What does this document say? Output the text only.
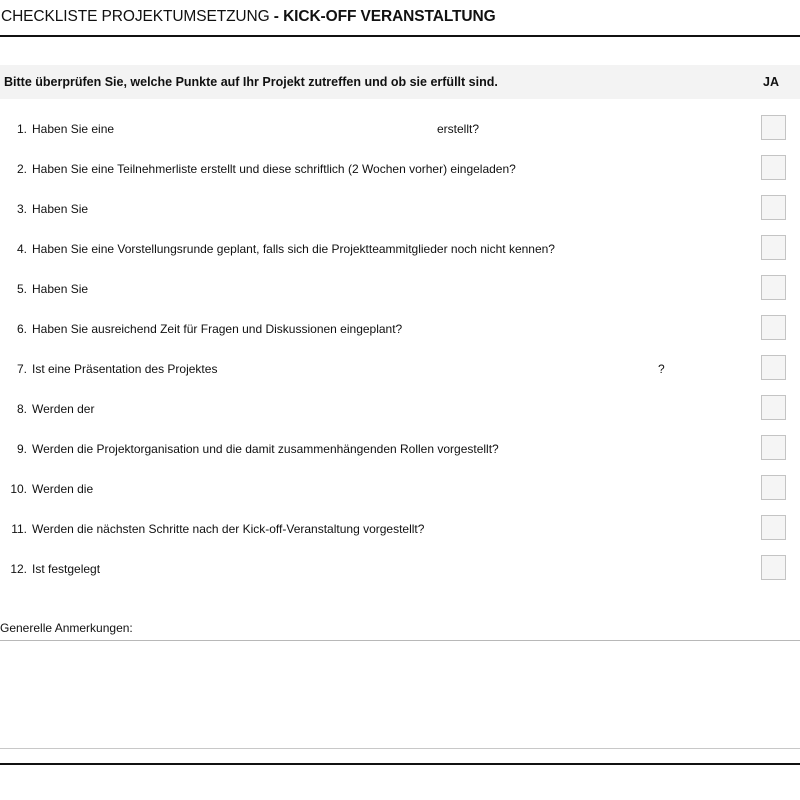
CHECKLISTE PROJEKTUMSETZUNG - KICK-OFF VERANSTALTUNG
Bitte überprüfen Sie, welche Punkte auf Ihr Projekt zutreffen und ob sie erfüllt sind.	JA
1. Haben Sie eine	erstellt?
2. Haben Sie eine Teilnehmerliste erstellt und diese schriftlich (2 Wochen vorher) eingeladen?
3. Haben Sie
4. Haben Sie eine Vorstellungsrunde geplant, falls sich die Projektteammitglieder noch nicht kennen?
5. Haben Sie
6. Haben Sie ausreichend Zeit für Fragen und Diskussionen eingeplant?
7. Ist eine Präsentation des Projektes	?
8. Werden der
9. Werden die Projektorganisation und die damit zusammenhängenden Rollen vorgestellt?
10. Werden die
11. Werden die nächsten Schritte nach der Kick-off-Veranstaltung vorgestellt?
12. Ist festgelegt
Generelle Anmerkungen:
